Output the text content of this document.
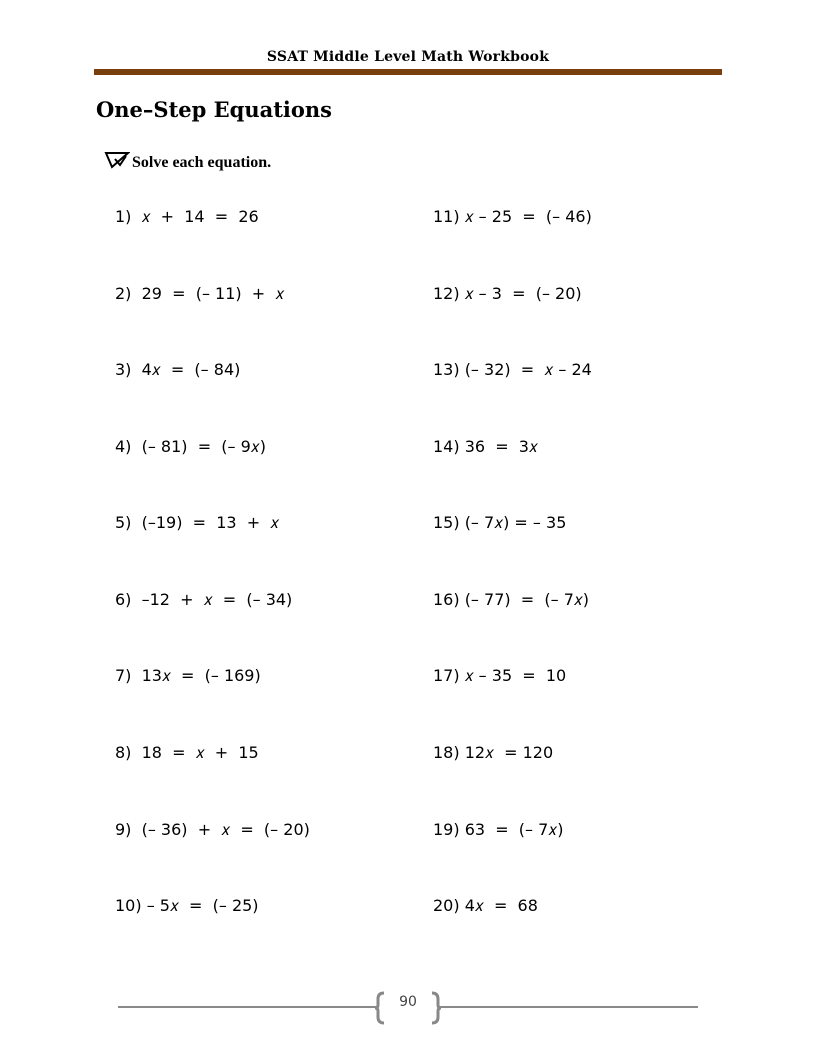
SSAT Middle Level Math Workbook
One–Step Equations
Solve each equation.
1)  𝑥  +  14  =  26
2)  29  =  (– 11)  +  𝑥
3)  4𝑥  =  (– 84)
4)  (– 81)  =  (– 9𝑥)
5)  (–19)  =  13  +  𝑥
6)  –12  +  𝑥  =  (– 34)
7)  13𝑥  =  (– 169)
8)  18  =  𝑥  +  15
9)  (– 36)  +  𝑥  =  (– 20)
10) – 5𝑥  =  (– 25)
11) 𝑥 – 25  =  (– 46)
12) 𝑥 – 3  =  (– 20)
13) (– 32)  =  𝑥 – 24
14) 36  =  3𝑥
15) (– 7𝑥) = – 35
16) (– 77)  =  (– 7𝑥)
17) 𝑥 – 35  =  10
18) 12𝑥  = 120
19) 63  =  (– 7𝑥)
20) 4𝑥  =  68
90
